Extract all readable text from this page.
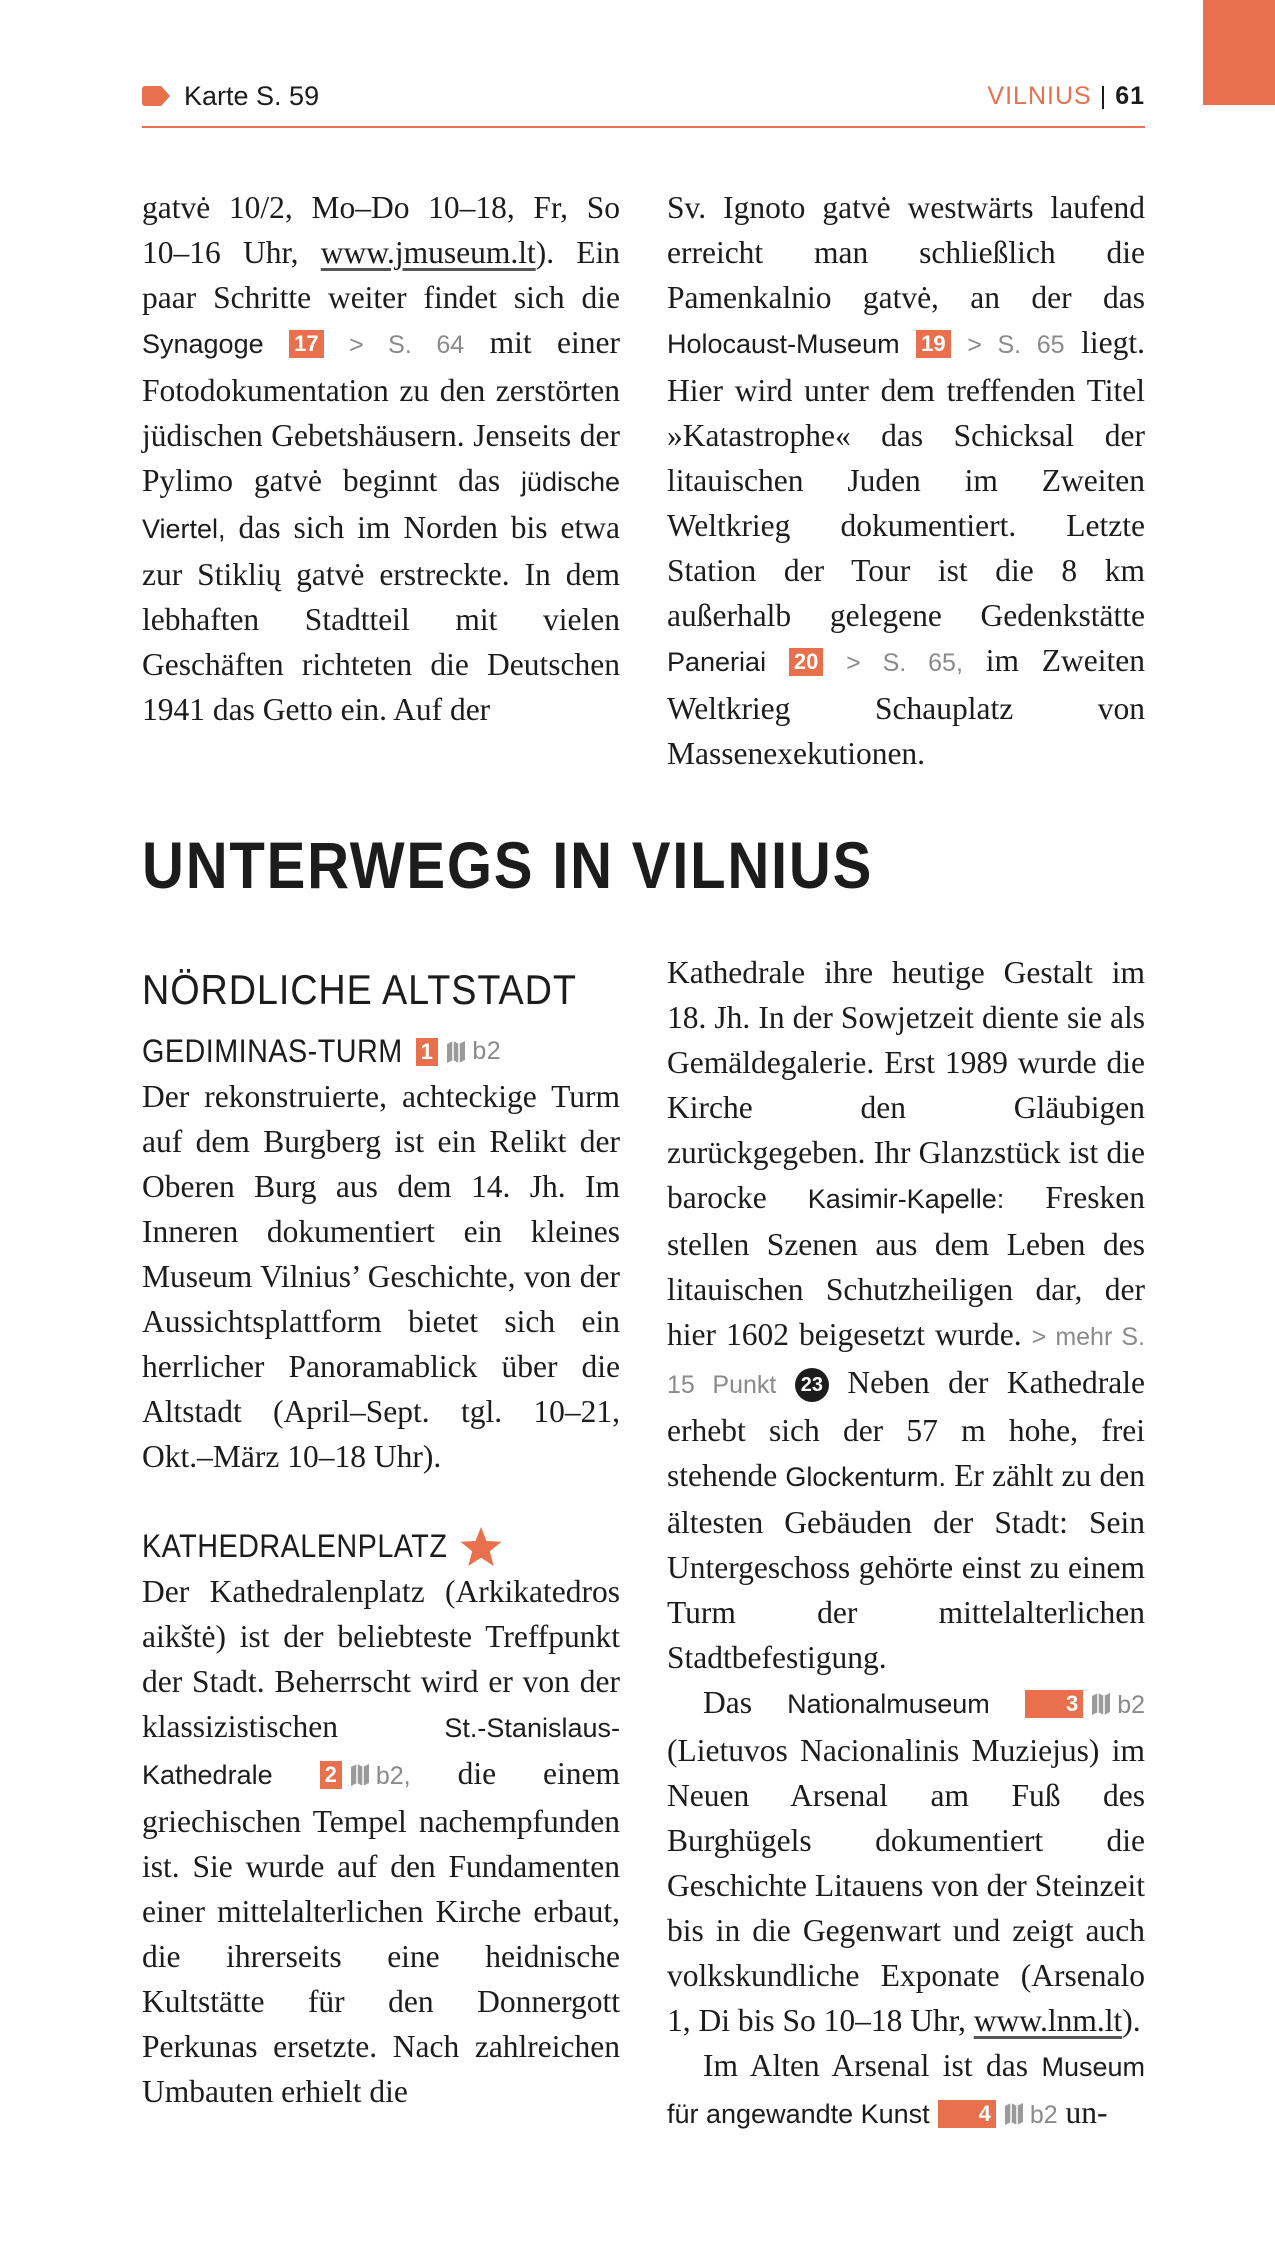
Karte S. 59	VILNIUS | 61

gatvė 10/2, Mo–Do 10–18, Fr, So 10–16 Uhr, www.jmuseum.lt). Ein paar Schritte weiter findet sich die Synagoge 17 > S. 64 mit einer Fotodokumentation zu den zerstörten jüdischen Gebetshäusern. Jenseits der Pylimo gatvė beginnt das jüdische Viertel, das sich im Norden bis etwa zur Stiklių gatvė erstreckte. In dem lebhaften Stadtteil mit vielen Geschäften richteten die Deutschen 1941 das Getto ein. Auf der

Sv. Ignoto gatvė westwärts laufend erreicht man schließlich die Pamenkalnio gatvė, an der das Holocaust-Museum 19 > S. 65 liegt. Hier wird unter dem treffenden Titel »Katastrophe« das Schicksal der litauischen Juden im Zweiten Weltkrieg dokumentiert. Letzte Station der Tour ist die 8 km außerhalb gelegene Gedenkstätte Paneriai 20 > S. 65, im Zweiten Weltkrieg Schauplatz von Massenexekutionen.

UNTERWEGS IN VILNIUS
NÖRDLICHE ALTSTADT
GEDIMINAS-TURM 1 b2

Der rekonstruierte, achteckige Turm auf dem Burgberg ist ein Relikt der Oberen Burg aus dem 14. Jh. Im Inneren dokumentiert ein kleines Museum Vilnius’ Geschichte, von der Aussichtsplattform bietet sich ein herrlicher Panoramablick über die Altstadt (April–Sept. tgl. 10–21, Okt.–März 10–18 Uhr).

KATHEDRALENPLATZ

Der Kathedralenplatz (Arkikatedros aikštė) ist der beliebteste Treffpunkt der Stadt. Beherrscht wird er von der klassizistischen St.-Stanislaus-Kathedrale 2 b2, die einem griechischen Tempel nachempfunden ist. Sie wurde auf den Fundamenten einer mittelalterlichen Kirche erbaut, die ihrerseits eine heidnische Kultstätte für den Donnergott Perkunas ersetzte. Nach zahlreichen Umbauten erhielt die

Kathedrale ihre heutige Gestalt im 18. Jh. In der Sowjetzeit diente sie als Gemäldegalerie. Erst 1989 wurde die Kirche den Gläubigen zurückgegeben. Ihr Glanzstück ist die barocke Kasimir-Kapelle: Fresken stellen Szenen aus dem Leben des litauischen Schutzheiligen dar, der hier 1602 beigesetzt wurde. > mehr S. 15 Punkt 23 Neben der Kathedrale erhebt sich der 57 m hohe, frei stehende Glockenturm. Er zählt zu den ältesten Gebäuden der Stadt: Sein Untergeschoss gehörte einst zu einem Turm der mittelalterlichen Stadtbefestigung.

Das Nationalmuseum	3 b2 (Lietuvos Nacionalinis Muziejus) im Neuen Arsenal am Fuß des Burghügels dokumentiert die Geschichte Litauens von der Steinzeit bis in die Gegenwart und zeigt auch volkskundliche Exponate (Arsenalo 1, Di bis So 10–18 Uhr, www.lnm.lt).

Im Alten Arsenal ist das Museum für angewandte Kunst 4 b2 un-
